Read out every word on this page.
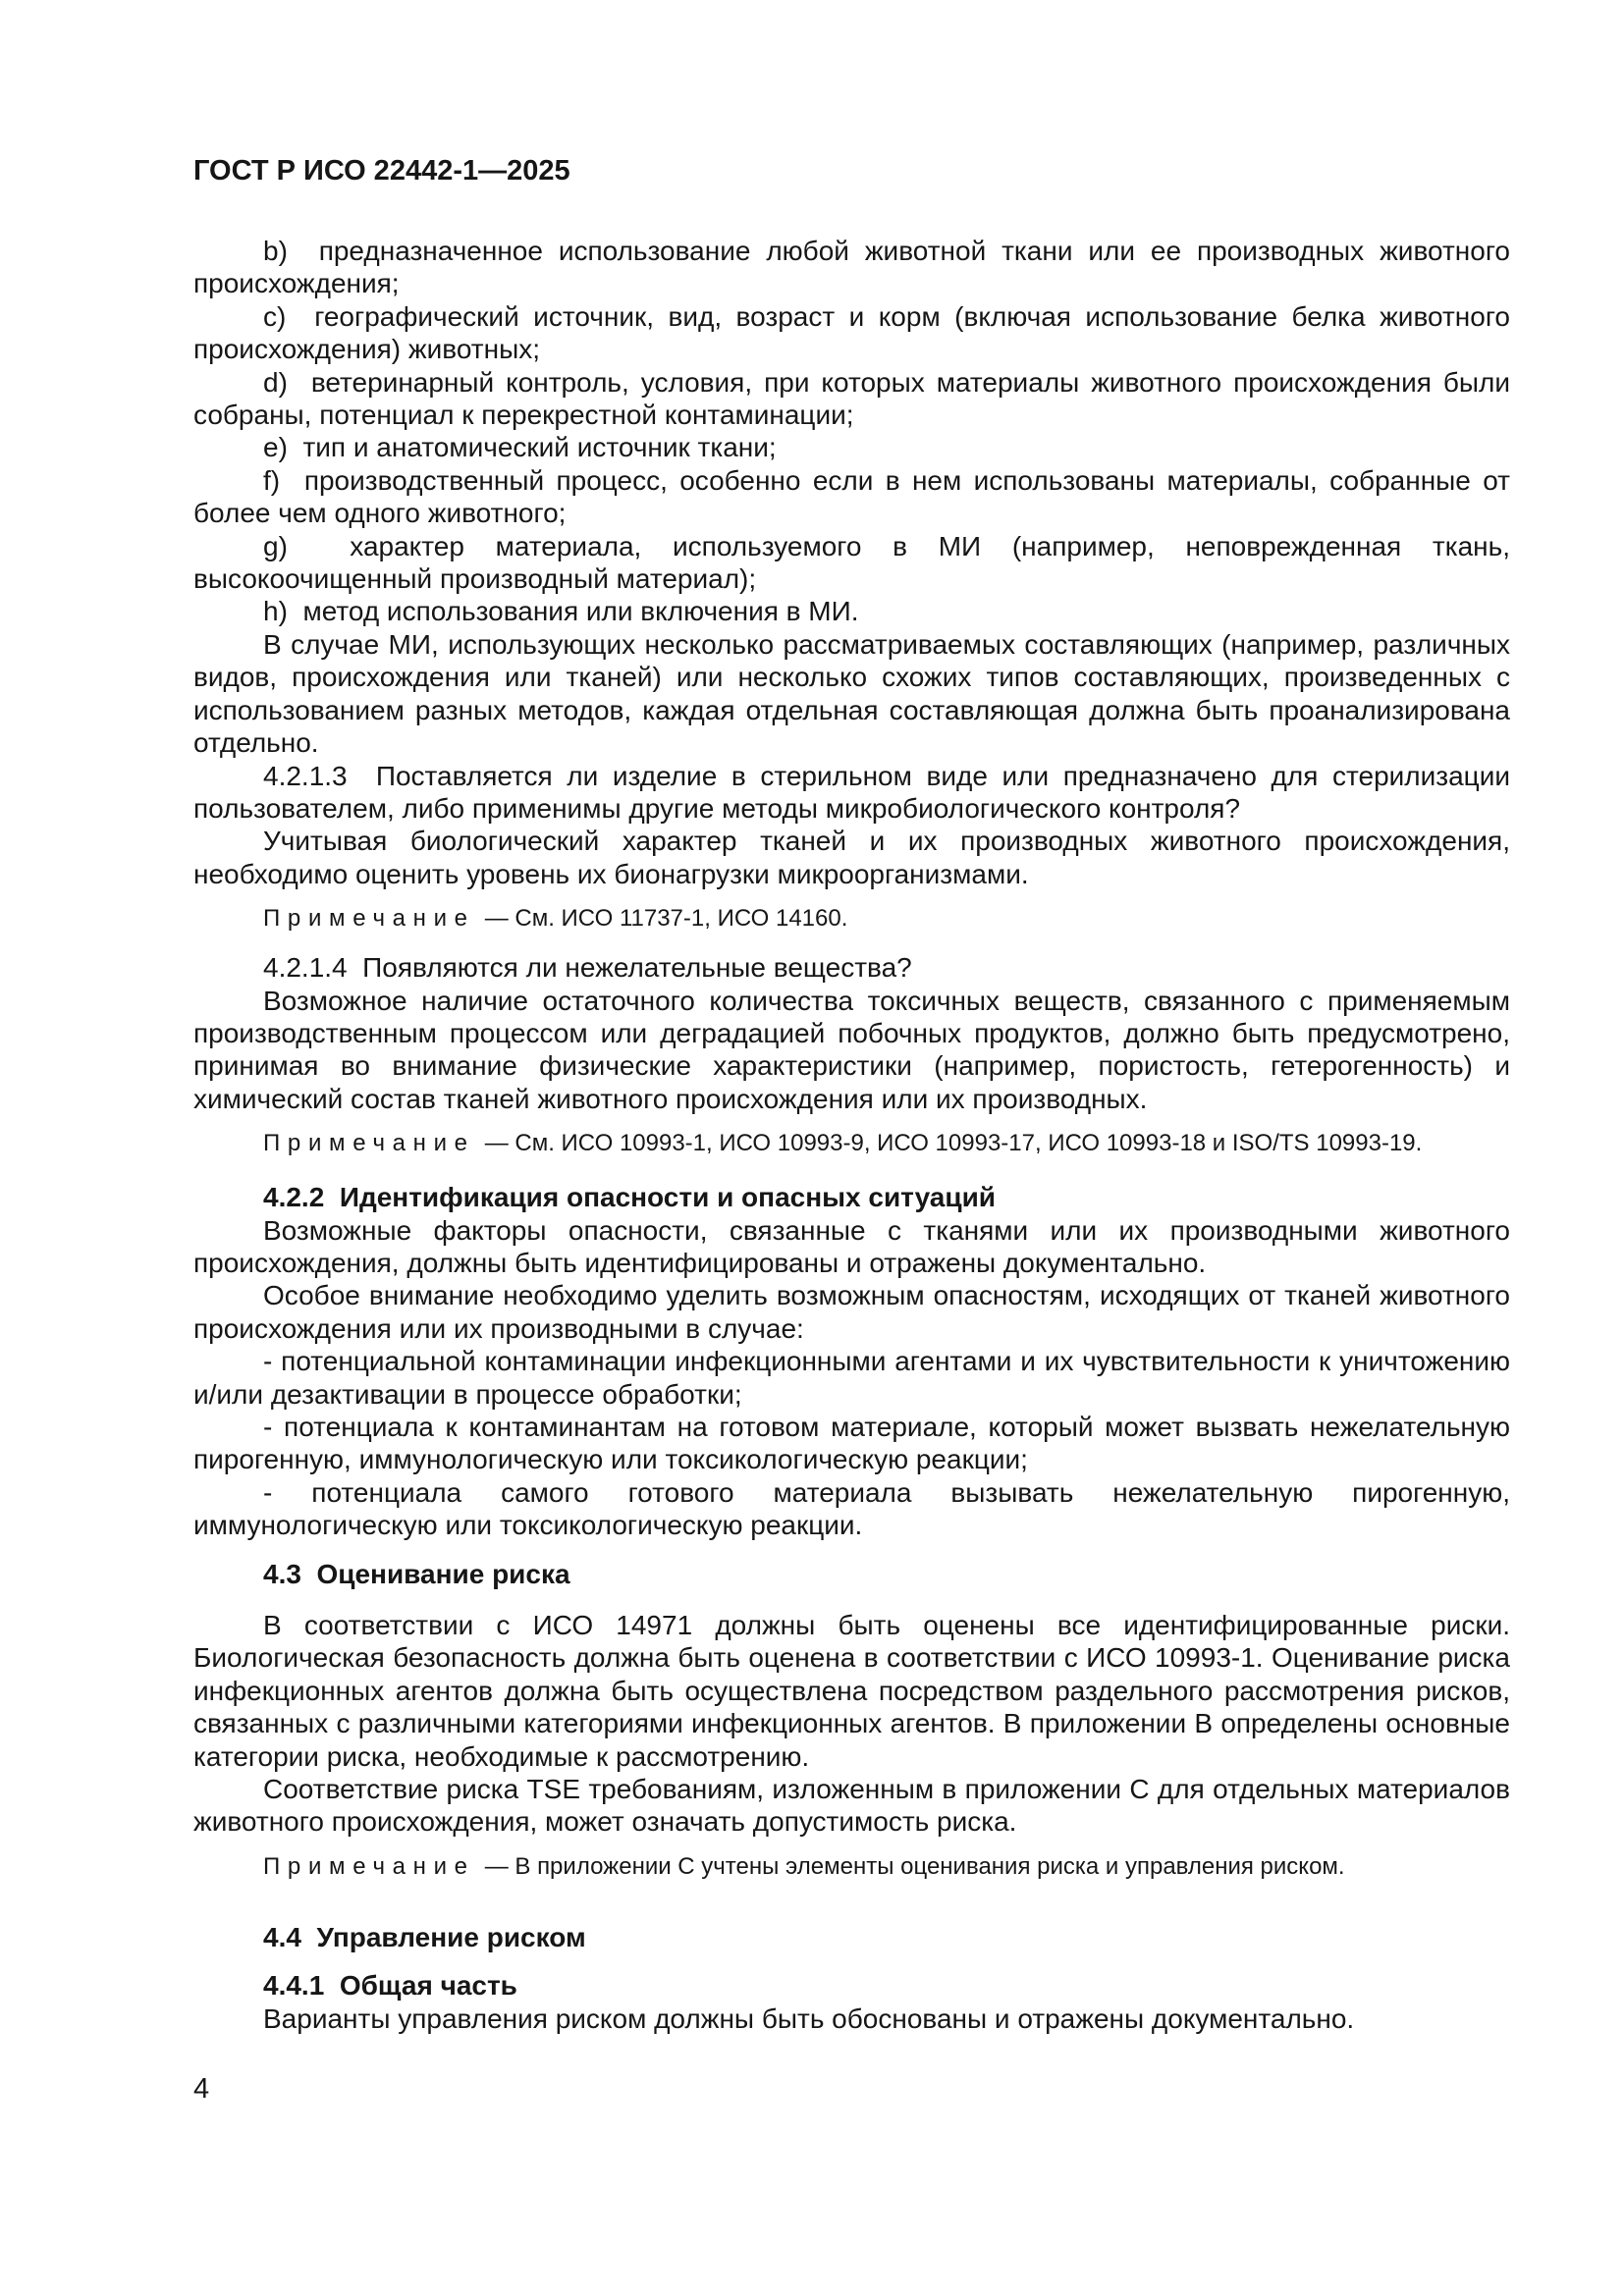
ГОСТ Р ИСО 22442-1—2025

b)  предназначенное использование любой животной ткани или ее производных животного происхождения;

c)  географический источник, вид, возраст и корм (включая использование белка животного происхождения) животных;

d)  ветеринарный контроль, условия, при которых материалы животного происхождения были собраны, потенциал к перекрестной контаминации;

e)  тип и анатомический источник ткани;

f)  производственный процесс, особенно если в нем использованы материалы, собранные от более чем одного животного;

g)  характер материала, используемого в МИ (например, неповрежденная ткань, высокоочищенный производный материал);

h)  метод использования или включения в МИ.

В случае МИ, использующих несколько рассматриваемых составляющих (например, различных видов, происхождения или тканей) или несколько схожих типов составляющих, произведенных с использованием разных методов, каждая отдельная составляющая должна быть проанализирована отдельно.

4.2.1.3  Поставляется ли изделие в стерильном виде или предназначено для стерилизации пользователем, либо применимы другие методы микробиологического контроля?

Учитывая биологический характер тканей и их производных животного происхождения, необходимо оценить уровень их бионагрузки микроорганизмами.

Примечание — См. ИСО 11737-1, ИСО 14160.

4.2.1.4  Появляются ли нежелательные вещества?

Возможное наличие остаточного количества токсичных веществ, связанного с применяемым производственным процессом или деградацией побочных продуктов, должно быть предусмотрено, принимая во внимание физические характеристики (например, пористость, гетерогенность) и химический состав тканей животного происхождения или их производных.

Примечание — См. ИСО 10993-1, ИСО 10993-9, ИСО 10993-17, ИСО 10993-18 и ISO/TS 10993-19.

4.2.2  Идентификация опасности и опасных ситуаций

Возможные факторы опасности, связанные с тканями или их производными животного происхождения, должны быть идентифицированы и отражены документально.

Особое внимание необходимо уделить возможным опасностям, исходящих от тканей животного происхождения или их производными в случае:

- потенциальной контаминации инфекционными агентами и их чувствительности к уничтожению и/или дезактивации в процессе обработки;

- потенциала к контаминантам на готовом материале, который может вызвать нежелательную пирогенную, иммунологическую или токсикологическую реакции;

- потенциала самого готового материала вызывать нежелательную пирогенную, иммунологическую или токсикологическую реакции.

4.3  Оценивание риска

В соответствии с ИСО 14971 должны быть оценены все идентифицированные риски. Биологическая безопасность должна быть оценена в соответствии с ИСО 10993-1. Оценивание риска инфекционных агентов должна быть осуществлена посредством раздельного рассмотрения рисков, связанных с различными категориями инфекционных агентов. В приложении В определены основные категории риска, необходимые к рассмотрению.

Соответствие риска TSE требованиям, изложенным в приложении С для отдельных материалов животного происхождения, может означать допустимость риска.

Примечание — В приложении С учтены элементы оценивания риска и управления риском.

4.4  Управление риском

4.4.1  Общая часть

Варианты управления риском должны быть обоснованы и отражены документально.

4
